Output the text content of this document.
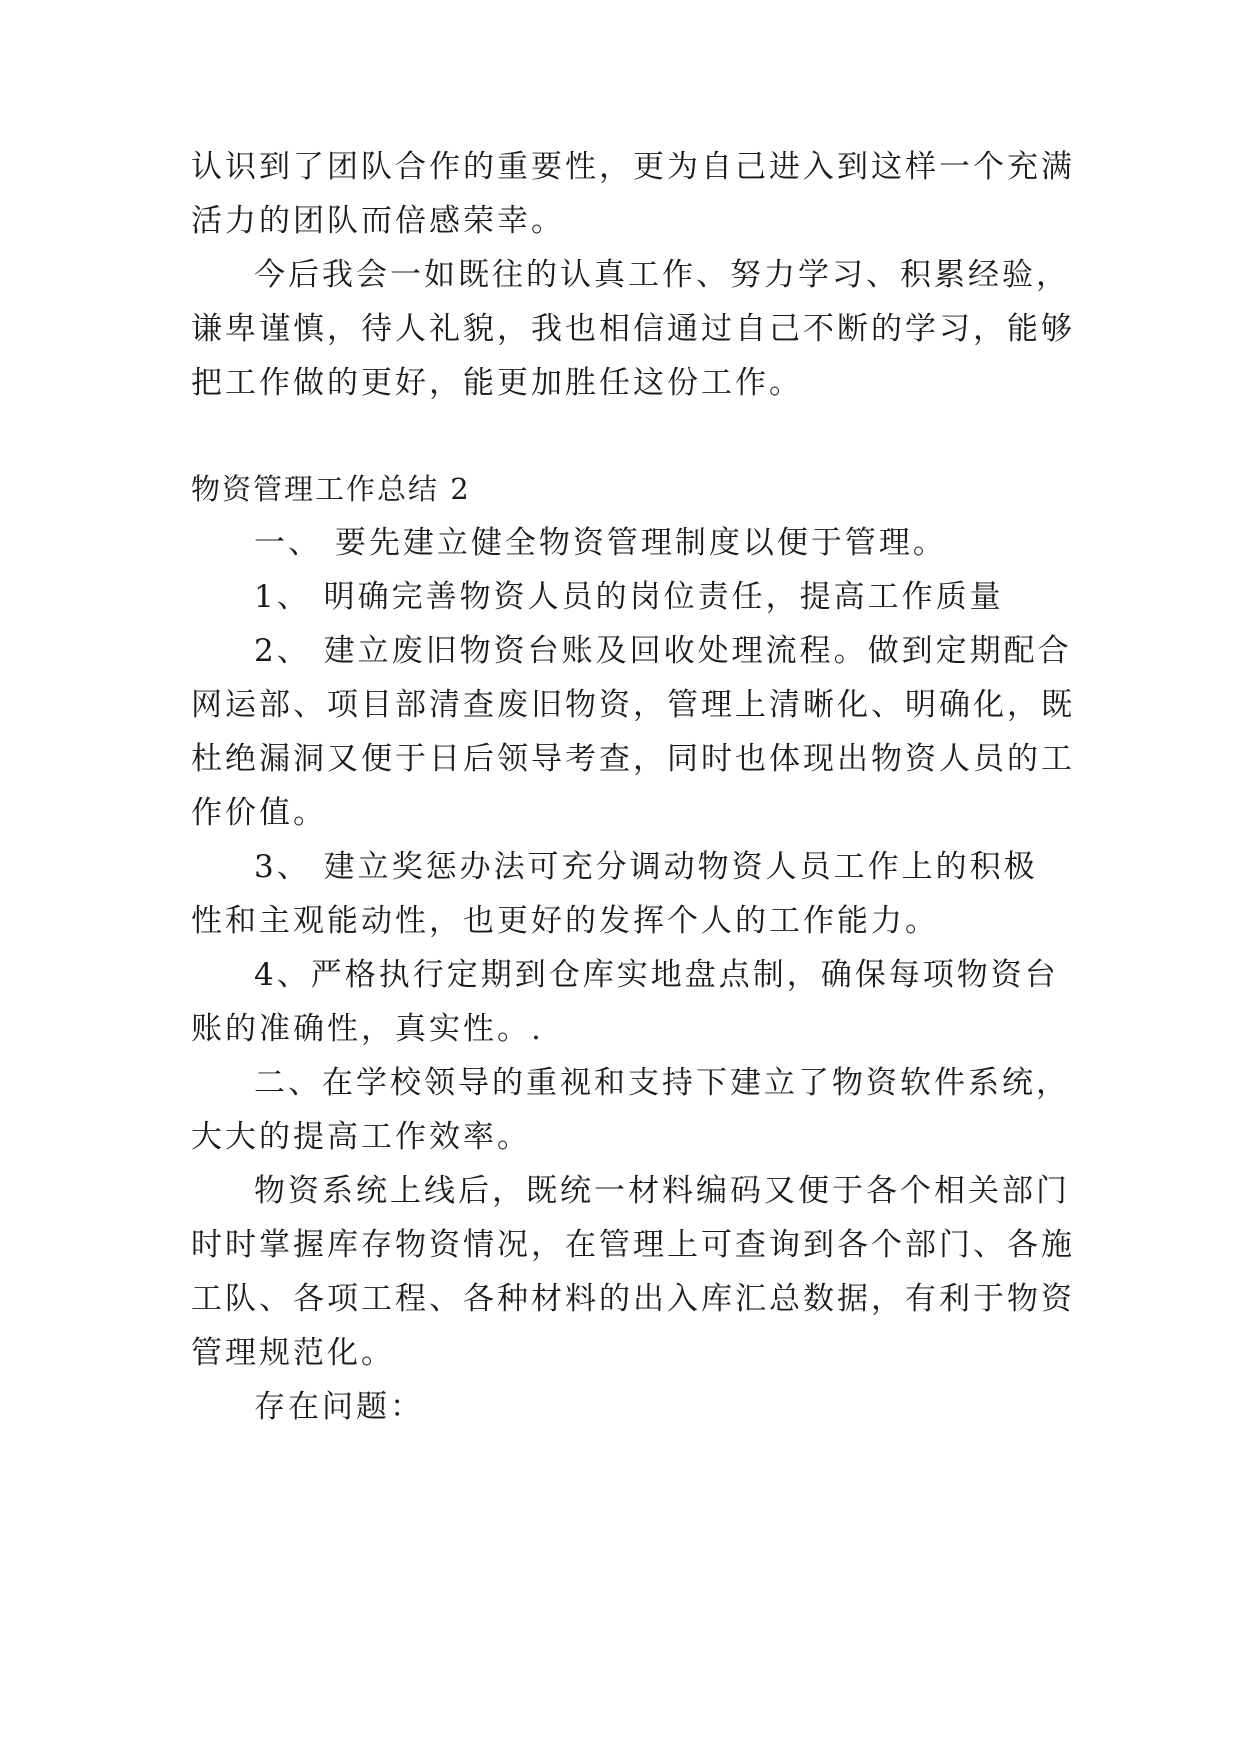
认识到了团队合作的重要性，更为自己进入到这样一个充满
活力的团队而倍感荣幸。
今后我会一如既往的认真工作、努力学习、积累经验，
谦卑谨慎，待人礼貌，我也相信通过自己不断的学习，能够
把工作做的更好，能更加胜任这份工作。
物资管理工作总结 2
一、 要先建立健全物资管理制度以便于管理。
1、 明确完善物资人员的岗位责任，提高工作质量
2、 建立废旧物资台账及回收处理流程。做到定期配合
网运部、项目部清查废旧物资，管理上清晰化、明确化，既
杜绝漏洞又便于日后领导考查，同时也体现出物资人员的工
作价值。
3、 建立奖惩办法可充分调动物资人员工作上的积极
性和主观能动性，也更好的发挥个人的工作能力。
4、严格执行定期到仓库实地盘点制，确保每项物资台
账的准确性，真实性。.
二、在学校领导的重视和支持下建立了物资软件系统，
大大的提高工作效率。
物资系统上线后，既统一材料编码又便于各个相关部门
时时掌握库存物资情况，在管理上可查询到各个部门、各施
工队、各项工程、各种材料的出入库汇总数据，有利于物资
管理规范化。
存在问题：
